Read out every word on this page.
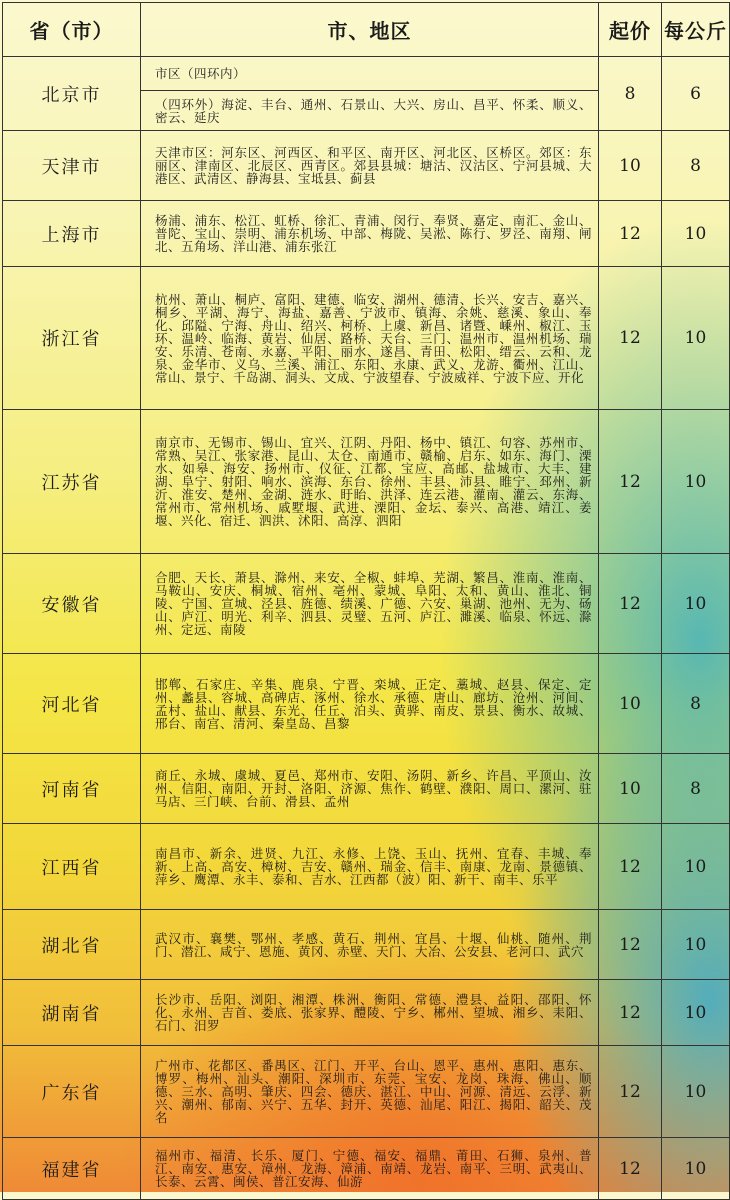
省（市）	市、地区	起价	每公斤
北京市	市区（四环内）	8	6
	（四环外）海淀、丰台、通州、石景山、大兴、房山、昌平、怀柔、顺义、密云、延庆		
天津市	天津市区：河东区、河西区、和平区、南开区、河北区、区桥区。郊区：东丽区、津南区、北辰区、西青区。郊县县城：塘沽、汉沽区、宁河县城、大港区、武清区、静海县、宝坻县、蓟县	10	8
上海市	杨浦、浦东、松江、虹桥、徐汇、青浦、闵行、奉贤、嘉定、南汇、金山、普陀、宝山、崇明、浦东机场、中部、梅陇、吴淞、陈行、罗泾、南翔、闸北、五角场、洋山港、浦东张江	12	10
浙江省	杭州、萧山、桐庐、富阳、建德、临安、湖州、德清、长兴、安吉、嘉兴、桐乡、平湖、海宁、海盐、嘉善、宁波市、镇海、余姚、慈溪、象山、奉化、邱隘、宁海、舟山、绍兴、柯桥、上虞、新昌、诸暨、嵊州、椒江、玉环、温岭、临海、黄岩、仙居、路桥、天台、三门、温州市、温州机场、瑞安、乐清、苍南、永嘉、平阳、丽水、遂昌、青田、松阳、缙云、云和、龙泉、金华市、义乌、兰溪、浦江、东阳、永康、武义、龙游、衢州、江山、常山、景宁、千岛湖、洞头、文成、宁波望春、宁波威祥、宁波下应、开化	12	10
江苏省	南京市、无锡市、锡山、宜兴、江阴、丹阳、杨中、镇江、句容、苏州市、常熟、吴江、张家港、昆山、太仓、南通市、赣榆、启东、如东、海门、溧水、如皋、海安、扬州市、仪征、江都、宝应、高邮、盐城市、大丰、建湖、阜宁、射阳、响水、滨海、东台、徐州、丰县、沛县、睢宁、邳州、新沂、淮安、楚州、金湖、涟水、盱眙、洪泽、连云港、灌南、灌云、东海、常州市、常州机场、戚墅堰、武进、溧阳、金坛、泰兴、高港、靖江、姜堰、兴化、宿迁、泗洪、沭阳、高淳、泗阳	12	10
安徽省	合肥、天长、萧县、滁州、来安、全椒、蚌埠、芜湖、繁昌、淮南、淮南、马鞍山、安庆、桐城、宿州、亳州、蒙城、阜阳、太和、黄山、淮北、铜陵、宁国、宣城、泾县、旌德、绩溪、广德、六安、巢湖、池州、无为、砀山、庐江、明光、利辛、泗县、灵璧、五河、庐江、濉溪、临泉、怀远、滁州、定远、南陵	12	10
河北省	邯郸、石家庄、辛集、鹿泉、宁晋、栾城、正定、藁城、赵县、保定、定州、蠡县、容城、高碑店、涿州、徐水、承德、唐山、廊坊、沧州、河间、孟村、盐山、献县、东光、任丘、泊头、黄骅、南皮、景县、衡水、故城、邢台、南宫、清河、秦皇岛、昌黎	10	8
河南省	商丘、永城、虞城、夏邑、郑州市、安阳、汤阴、新乡、许昌、平顶山、汝州、信阳、南阳、开封、洛阳、济源、焦作、鹤壁、濮阳、周口、漯河、驻马店、三门峡、台前、滑县、孟州	10	8
江西省	南昌市、新余、进贤、九江、永修、上饶、玉山、抚州、宜春、丰城、奉新、上高、高安、樟树、吉安、赣州、瑞金、信丰、南康、龙南、景德镇、萍乡、鹰潭、永丰、泰和、吉水、江西都（波）阳、新干、南丰、乐平	12	10
湖北省	武汉市、襄樊、鄂州、孝感、黄石、荆州、宜昌、十堰、仙桃、随州、荆门、潜江、咸宁、恩施、黄冈、赤壁、天门、大冶、公安县、老河口、武穴	12	10
湖南省	长沙市、岳阳、浏阳、湘潭、株洲、衡阳、常德、澧县、益阳、邵阳、怀化、永州、吉首、娄底、张家界、醴陵、宁乡、郴州、望城、湘乡、耒阳、石门、汨罗	12	10
广东省	广州市、花都区、番禺区、江门、开平、台山、恩平、惠州、惠阳、惠东、博罗、梅州、汕头、潮阳、深圳市、东莞、宝安、龙岗、珠海、佛山、顺德、三水、高明、肇庆、四会、德庆、湛江、中山、河源、清远、云浮、新兴、潮州、郁南、兴宁、五华、封开、英德、汕尾、阳江、揭阳、韶关、茂名	12	10
福建省	福州市、福清、长乐、厦门、宁德、福安、福鼎、莆田、石狮、泉州、普江、南安、惠安、漳州、龙海、漳浦、南靖、龙岩、南平、三明、武夷山、长泰、云霄、闽侯、普江安海、仙游	12	10
